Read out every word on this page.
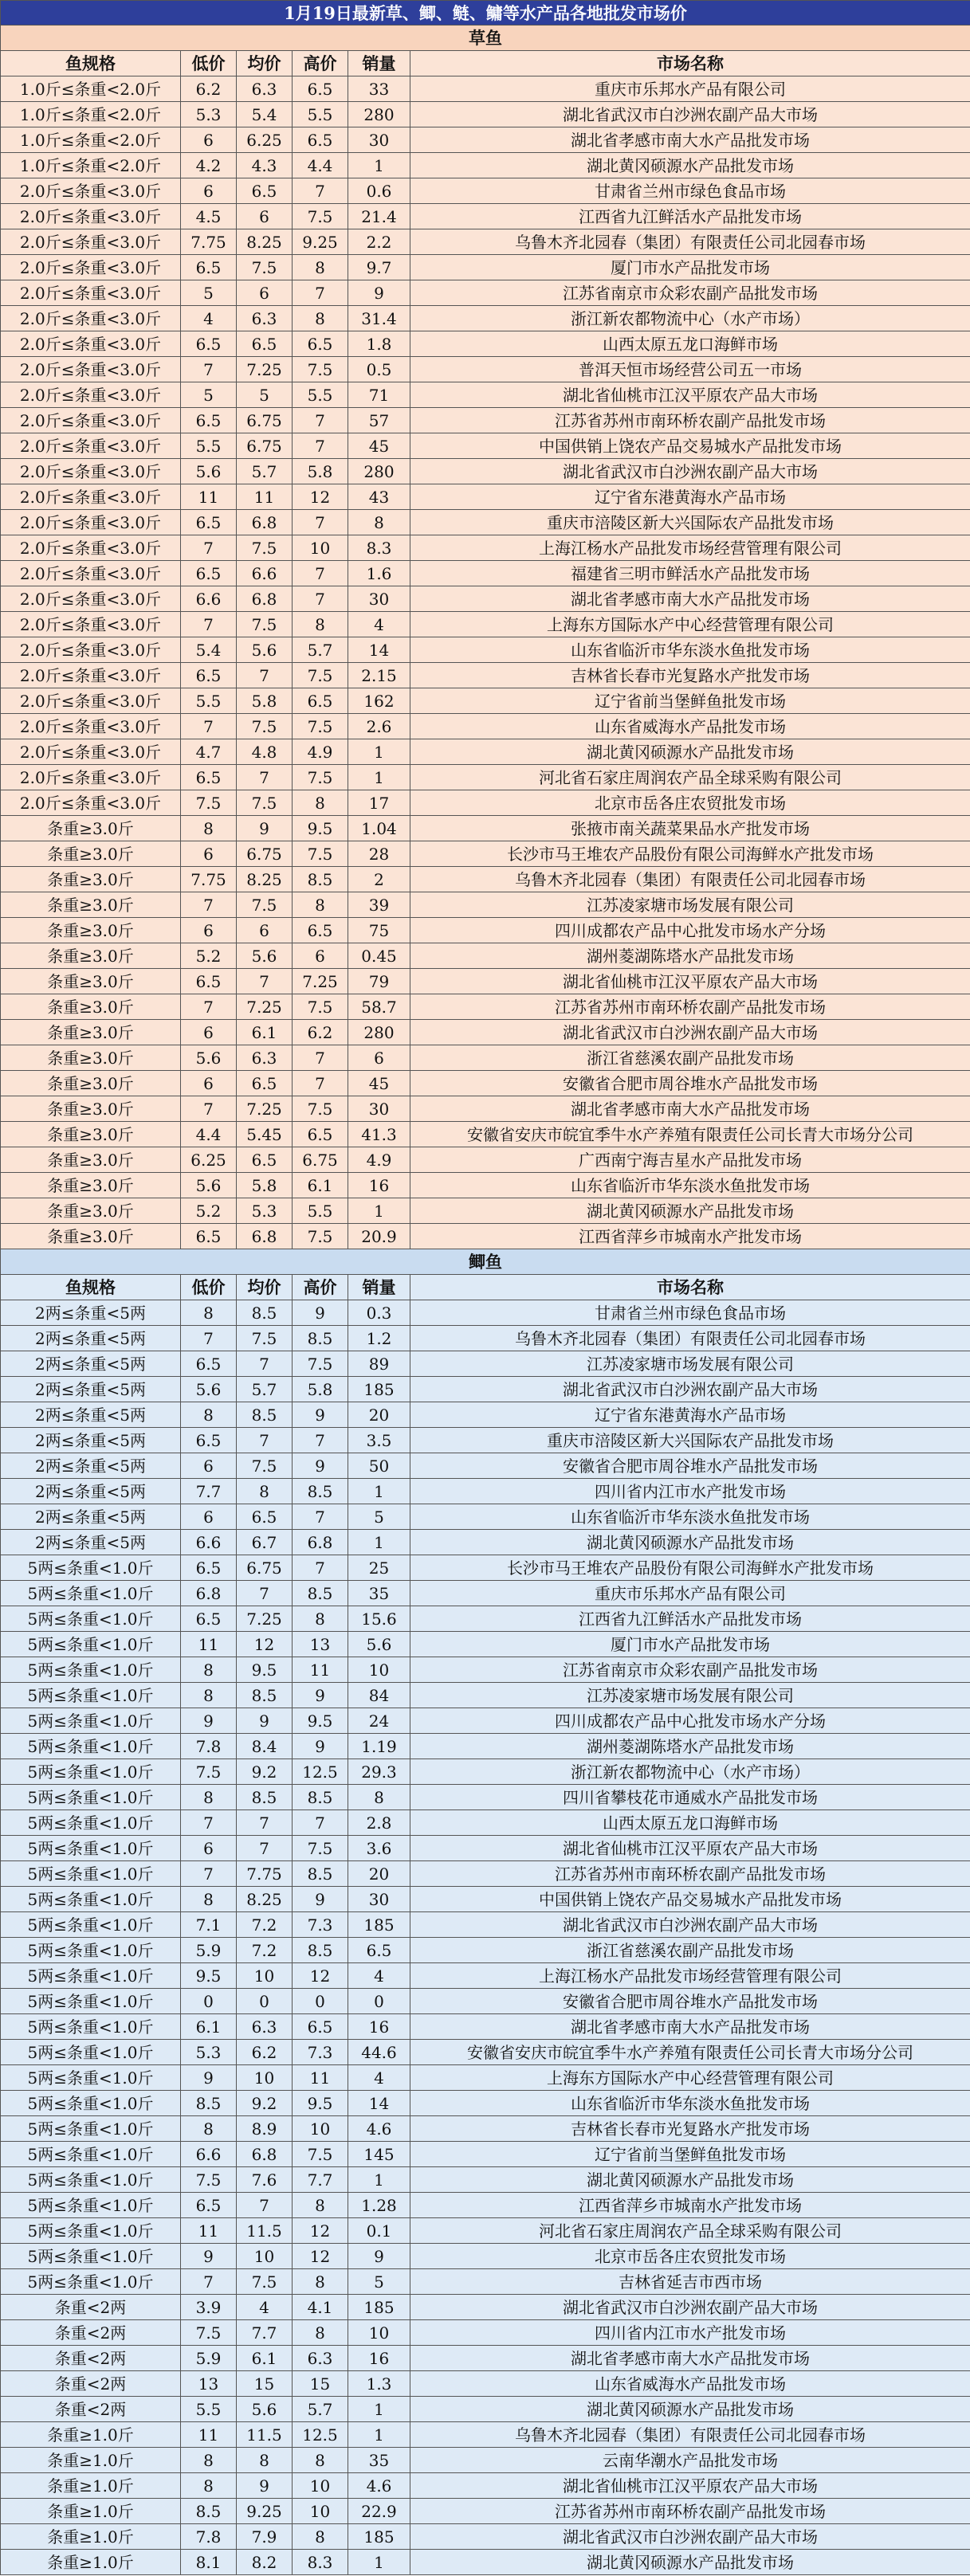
1月19日最新草、鲫、鲢、鳙等水产品各地批发市场价					
草鱼					
鱼规格	低价	均价	高价	销量	市场名称
1.0斤≤条重<2.0斤	6.2	6.3	6.5	33	重庆市乐邦水产品有限公司
1.0斤≤条重<2.0斤	5.3	5.4	5.5	280	湖北省武汉市白沙洲农副产品大市场
1.0斤≤条重<2.0斤	6	6.25	6.5	30	湖北省孝感市南大水产品批发市场
1.0斤≤条重<2.0斤	4.2	4.3	4.4	1	湖北黄冈硕源水产品批发市场
2.0斤≤条重<3.0斤	6	6.5	7	0.6	甘肃省兰州市绿色食品市场
2.0斤≤条重<3.0斤	4.5	6	7.5	21.4	江西省九江鲜活水产品批发市场
2.0斤≤条重<3.0斤	7.75	8.25	9.25	2.2	乌鲁木齐北园春（集团）有限责任公司北园春市场
2.0斤≤条重<3.0斤	6.5	7.5	8	9.7	厦门市水产品批发市场
2.0斤≤条重<3.0斤	5	6	7	9	江苏省南京市众彩农副产品批发市场
2.0斤≤条重<3.0斤	4	6.3	8	31.4	浙江新农都物流中心（水产市场）
2.0斤≤条重<3.0斤	6.5	6.5	6.5	1.8	山西太原五龙口海鲜市场
2.0斤≤条重<3.0斤	7	7.25	7.5	0.5	普洱天恒市场经营公司五一市场
2.0斤≤条重<3.0斤	5	5	5.5	71	湖北省仙桃市江汉平原农产品大市场
2.0斤≤条重<3.0斤	6.5	6.75	7	57	江苏省苏州市南环桥农副产品批发市场
2.0斤≤条重<3.0斤	5.5	6.75	7	45	中国供销上饶农产品交易城水产品批发市场
2.0斤≤条重<3.0斤	5.6	5.7	5.8	280	湖北省武汉市白沙洲农副产品大市场
2.0斤≤条重<3.0斤	11	11	12	43	辽宁省东港黄海水产品市场
2.0斤≤条重<3.0斤	6.5	6.8	7	8	重庆市涪陵区新大兴国际农产品批发市场
2.0斤≤条重<3.0斤	7	7.5	10	8.3	上海江杨水产品批发市场经营管理有限公司
2.0斤≤条重<3.0斤	6.5	6.6	7	1.6	福建省三明市鲜活水产品批发市场
2.0斤≤条重<3.0斤	6.6	6.8	7	30	湖北省孝感市南大水产品批发市场
2.0斤≤条重<3.0斤	7	7.5	8	4	上海东方国际水产中心经营管理有限公司
2.0斤≤条重<3.0斤	5.4	5.6	5.7	14	山东省临沂市华东淡水鱼批发市场
2.0斤≤条重<3.0斤	6.5	7	7.5	2.15	吉林省长春市光复路水产批发市场
2.0斤≤条重<3.0斤	5.5	5.8	6.5	162	辽宁省前当堡鲜鱼批发市场
2.0斤≤条重<3.0斤	7	7.5	7.5	2.6	山东省威海水产品批发市场
2.0斤≤条重<3.0斤	4.7	4.8	4.9	1	湖北黄冈硕源水产品批发市场
2.0斤≤条重<3.0斤	6.5	7	7.5	1	河北省石家庄周润农产品全球采购有限公司
2.0斤≤条重<3.0斤	7.5	7.5	8	17	北京市岳各庄农贸批发市场
条重≥3.0斤	8	9	9.5	1.04	张掖市南关蔬菜果品水产批发市场
条重≥3.0斤	6	6.75	7.5	28	长沙市马王堆农产品股份有限公司海鲜水产批发市场
条重≥3.0斤	7.75	8.25	8.5	2	乌鲁木齐北园春（集团）有限责任公司北园春市场
条重≥3.0斤	7	7.5	8	39	江苏凌家塘市场发展有限公司
条重≥3.0斤	6	6	6.5	75	四川成都农产品中心批发市场水产分场
条重≥3.0斤	5.2	5.6	6	0.45	湖州菱湖陈塔水产品批发市场
条重≥3.0斤	6.5	7	7.25	79	湖北省仙桃市江汉平原农产品大市场
条重≥3.0斤	7	7.25	7.5	58.7	江苏省苏州市南环桥农副产品批发市场
条重≥3.0斤	6	6.1	6.2	280	湖北省武汉市白沙洲农副产品大市场
条重≥3.0斤	5.6	6.3	7	6	浙江省慈溪农副产品批发市场
条重≥3.0斤	6	6.5	7	45	安徽省合肥市周谷堆水产品批发市场
条重≥3.0斤	7	7.25	7.5	30	湖北省孝感市南大水产品批发市场
条重≥3.0斤	4.4	5.45	6.5	41.3	安徽省安庆市皖宜季牛水产养殖有限责任公司长青大市场分公司
条重≥3.0斤	6.25	6.5	6.75	4.9	广西南宁海吉星水产品批发市场
条重≥3.0斤	5.6	5.8	6.1	16	山东省临沂市华东淡水鱼批发市场
条重≥3.0斤	5.2	5.3	5.5	1	湖北黄冈硕源水产品批发市场
条重≥3.0斤	6.5	6.8	7.5	20.9	江西省萍乡市城南水产批发市场
鲫鱼					
鱼规格	低价	均价	高价	销量	市场名称
2两≤条重<5两	8	8.5	9	0.3	甘肃省兰州市绿色食品市场
2两≤条重<5两	7	7.5	8.5	1.2	乌鲁木齐北园春（集团）有限责任公司北园春市场
2两≤条重<5两	6.5	7	7.5	89	江苏凌家塘市场发展有限公司
2两≤条重<5两	5.6	5.7	5.8	185	湖北省武汉市白沙洲农副产品大市场
2两≤条重<5两	8	8.5	9	20	辽宁省东港黄海水产品市场
2两≤条重<5两	6.5	7	7	3.5	重庆市涪陵区新大兴国际农产品批发市场
2两≤条重<5两	6	7.5	9	50	安徽省合肥市周谷堆水产品批发市场
2两≤条重<5两	7.7	8	8.5	1	四川省内江市水产批发市场
2两≤条重<5两	6	6.5	7	5	山东省临沂市华东淡水鱼批发市场
2两≤条重<5两	6.6	6.7	6.8	1	湖北黄冈硕源水产品批发市场
5两≤条重<1.0斤	6.5	6.75	7	25	长沙市马王堆农产品股份有限公司海鲜水产批发市场
5两≤条重<1.0斤	6.8	7	8.5	35	重庆市乐邦水产品有限公司
5两≤条重<1.0斤	6.5	7.25	8	15.6	江西省九江鲜活水产品批发市场
5两≤条重<1.0斤	11	12	13	5.6	厦门市水产品批发市场
5两≤条重<1.0斤	8	9.5	11	10	江苏省南京市众彩农副产品批发市场
5两≤条重<1.0斤	8	8.5	9	84	江苏凌家塘市场发展有限公司
5两≤条重<1.0斤	9	9	9.5	24	四川成都农产品中心批发市场水产分场
5两≤条重<1.0斤	7.8	8.4	9	1.19	湖州菱湖陈塔水产品批发市场
5两≤条重<1.0斤	7.5	9.2	12.5	29.3	浙江新农都物流中心（水产市场）
5两≤条重<1.0斤	8	8.5	8.5	8	四川省攀枝花市通威水产品批发市场
5两≤条重<1.0斤	7	7	7	2.8	山西太原五龙口海鲜市场
5两≤条重<1.0斤	6	7	7.5	3.6	湖北省仙桃市江汉平原农产品大市场
5两≤条重<1.0斤	7	7.75	8.5	20	江苏省苏州市南环桥农副产品批发市场
5两≤条重<1.0斤	8	8.25	9	30	中国供销上饶农产品交易城水产品批发市场
5两≤条重<1.0斤	7.1	7.2	7.3	185	湖北省武汉市白沙洲农副产品大市场
5两≤条重<1.0斤	5.9	7.2	8.5	6.5	浙江省慈溪农副产品批发市场
5两≤条重<1.0斤	9.5	10	12	4	上海江杨水产品批发市场经营管理有限公司
5两≤条重<1.0斤	0	0	0	0	安徽省合肥市周谷堆水产品批发市场
5两≤条重<1.0斤	6.1	6.3	6.5	16	湖北省孝感市南大水产品批发市场
5两≤条重<1.0斤	5.3	6.2	7.3	44.6	安徽省安庆市皖宜季牛水产养殖有限责任公司长青大市场分公司
5两≤条重<1.0斤	9	10	11	4	上海东方国际水产中心经营管理有限公司
5两≤条重<1.0斤	8.5	9.2	9.5	14	山东省临沂市华东淡水鱼批发市场
5两≤条重<1.0斤	8	8.9	10	4.6	吉林省长春市光复路水产批发市场
5两≤条重<1.0斤	6.6	6.8	7.5	145	辽宁省前当堡鲜鱼批发市场
5两≤条重<1.0斤	7.5	7.6	7.7	1	湖北黄冈硕源水产品批发市场
5两≤条重<1.0斤	6.5	7	8	1.28	江西省萍乡市城南水产批发市场
5两≤条重<1.0斤	11	11.5	12	0.1	河北省石家庄周润农产品全球采购有限公司
5两≤条重<1.0斤	9	10	12	9	北京市岳各庄农贸批发市场
5两≤条重<1.0斤	7	7.5	8	5	吉林省延吉市西市场
条重<2两	3.9	4	4.1	185	湖北省武汉市白沙洲农副产品大市场
条重<2两	7.5	7.7	8	10	四川省内江市水产批发市场
条重<2两	5.9	6.1	6.3	16	湖北省孝感市南大水产品批发市场
条重<2两	13	15	15	1.3	山东省威海水产品批发市场
条重<2两	5.5	5.6	5.7	1	湖北黄冈硕源水产品批发市场
条重≥1.0斤	11	11.5	12.5	1	乌鲁木齐北园春（集团）有限责任公司北园春市场
条重≥1.0斤	8	8	8	35	云南华潮水产品批发市场
条重≥1.0斤	8	9	10	4.6	湖北省仙桃市江汉平原农产品大市场
条重≥1.0斤	8.5	9.25	10	22.9	江苏省苏州市南环桥农副产品批发市场
条重≥1.0斤	7.8	7.9	8	185	湖北省武汉市白沙洲农副产品大市场
条重≥1.0斤	8.1	8.2	8.3	1	湖北黄冈硕源水产品批发市场
